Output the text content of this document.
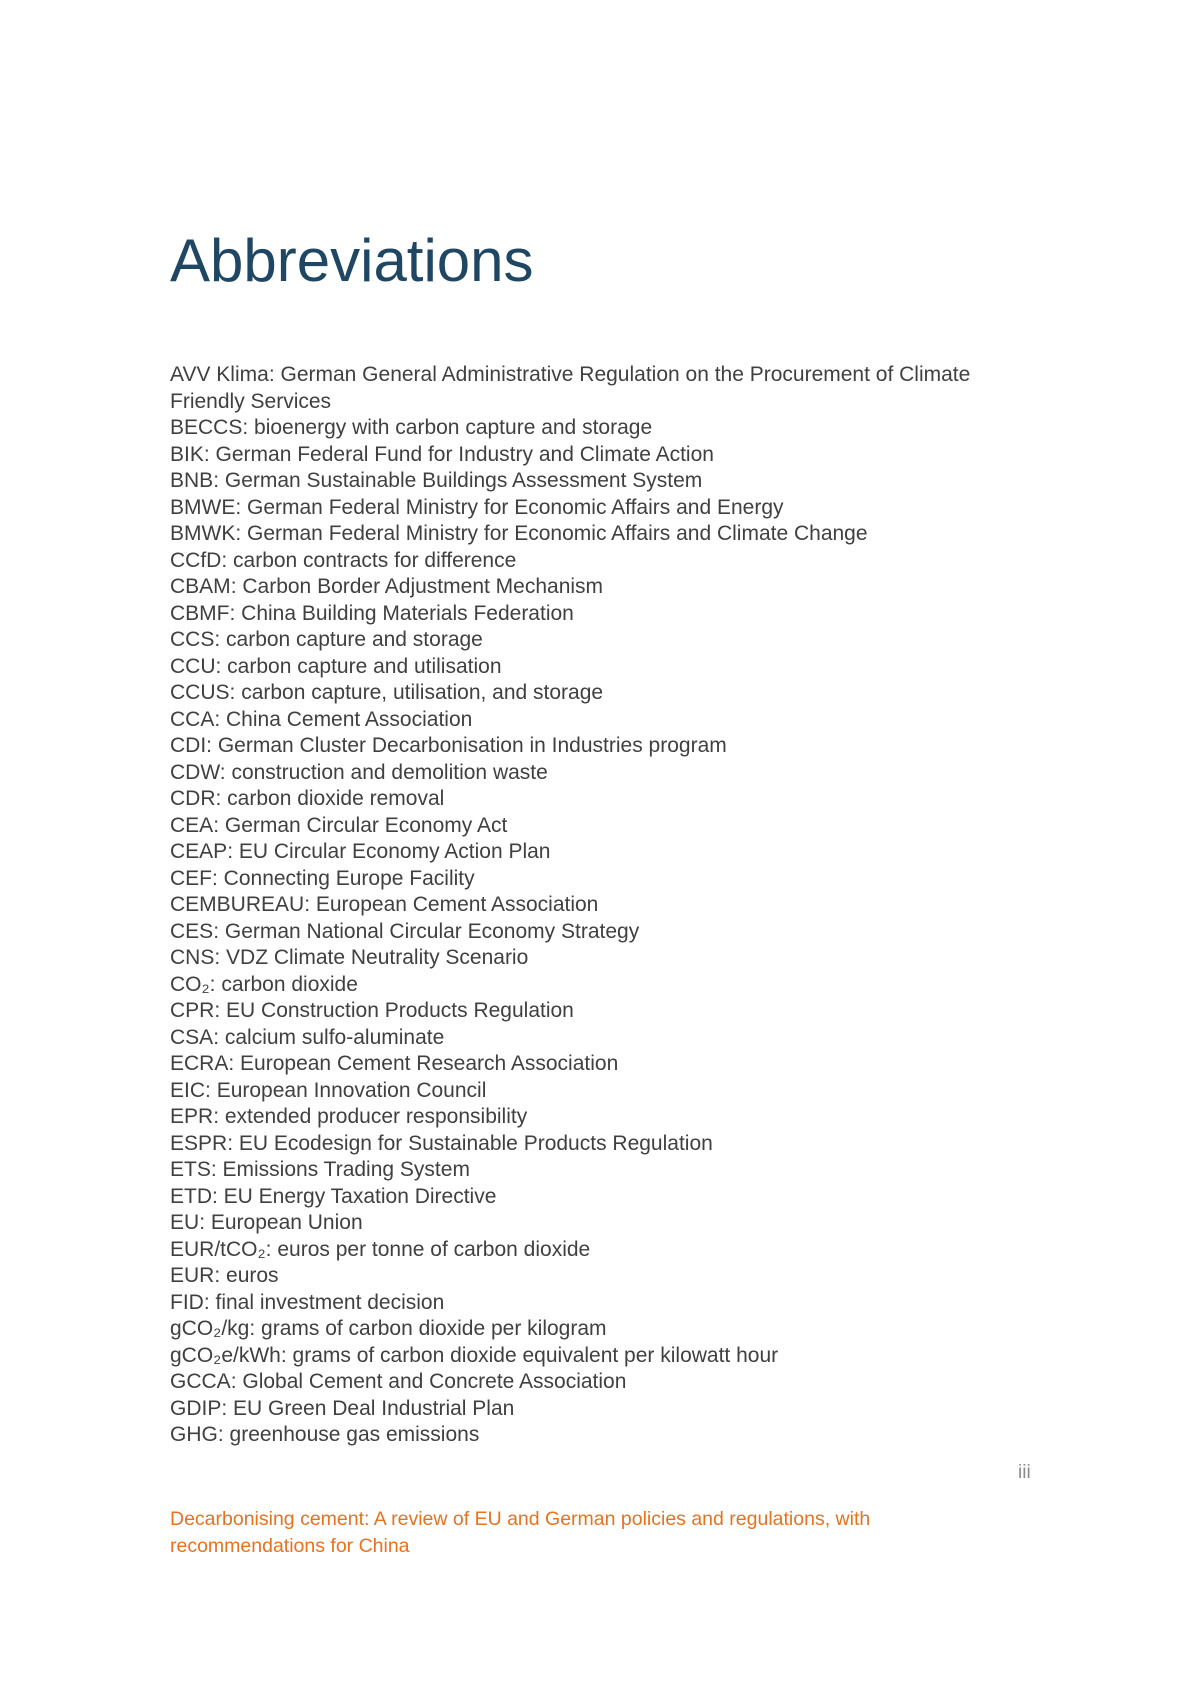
Abbreviations
AVV Klima: German General Administrative Regulation on the Procurement of Climate Friendly Services
BECCS: bioenergy with carbon capture and storage
BIK: German Federal Fund for Industry and Climate Action
BNB: German Sustainable Buildings Assessment System
BMWE: German Federal Ministry for Economic Affairs and Energy
BMWK: German Federal Ministry for Economic Affairs and Climate Change
CCfD: carbon contracts for difference
CBAM: Carbon Border Adjustment Mechanism
CBMF: China Building Materials Federation
CCS: carbon capture and storage
CCU: carbon capture and utilisation
CCUS: carbon capture, utilisation, and storage
CCA: China Cement Association
CDI: German Cluster Decarbonisation in Industries program
CDW: construction and demolition waste
CDR: carbon dioxide removal
CEA: German Circular Economy Act
CEAP: EU Circular Economy Action Plan
CEF: Connecting Europe Facility
CEMBUREAU: European Cement Association
CES: German National Circular Economy Strategy
CNS: VDZ Climate Neutrality Scenario
CO₂: carbon dioxide
CPR: EU Construction Products Regulation
CSA: calcium sulfo-aluminate
ECRA: European Cement Research Association
EIC: European Innovation Council
EPR: extended producer responsibility
ESPR: EU Ecodesign for Sustainable Products Regulation
ETS: Emissions Trading System
ETD: EU Energy Taxation Directive
EU: European Union
EUR/tCO₂: euros per tonne of carbon dioxide
EUR: euros
FID: final investment decision
gCO₂/kg: grams of carbon dioxide per kilogram
gCO₂e/kWh: grams of carbon dioxide equivalent per kilowatt hour
GCCA: Global Cement and Concrete Association
GDIP: EU Green Deal Industrial Plan
GHG: greenhouse gas emissions
iii
Decarbonising cement: A review of EU and German policies and regulations, with recommendations for China
